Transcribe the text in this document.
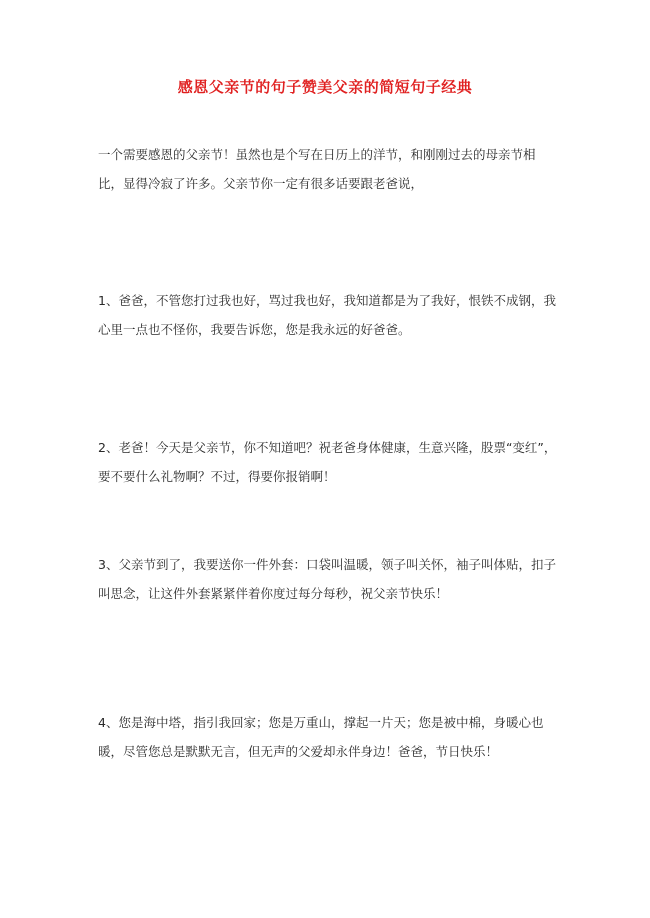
感恩父亲节的句子赞美父亲的简短句子经典

一个需要感恩的父亲节！虽然也是个写在日历上的洋节，和刚刚过去的母亲节相比，显得冷寂了许多。父亲节你一定有很多话要跟老爸说，

1、爸爸，不管您打过我也好，骂过我也好，我知道都是为了我好，恨铁不成钢，我心里一点也不怪你，我要告诉您，您是我永远的好爸爸。

2、老爸！今天是父亲节，你不知道吧？祝老爸身体健康，生意兴隆，股票“变红”，要不要什么礼物啊？不过，得要你报销啊！

3、父亲节到了，我要送你一件外套：口袋叫温暖，领子叫关怀，袖子叫体贴，扣子叫思念，让这件外套紧紧伴着你度过每分每秒，祝父亲节快乐！

4、您是海中塔，指引我回家；您是万重山，撑起一片天；您是被中棉，身暖心也暖，尽管您总是默默无言，但无声的父爱却永伴身边！爸爸，节日快乐！
